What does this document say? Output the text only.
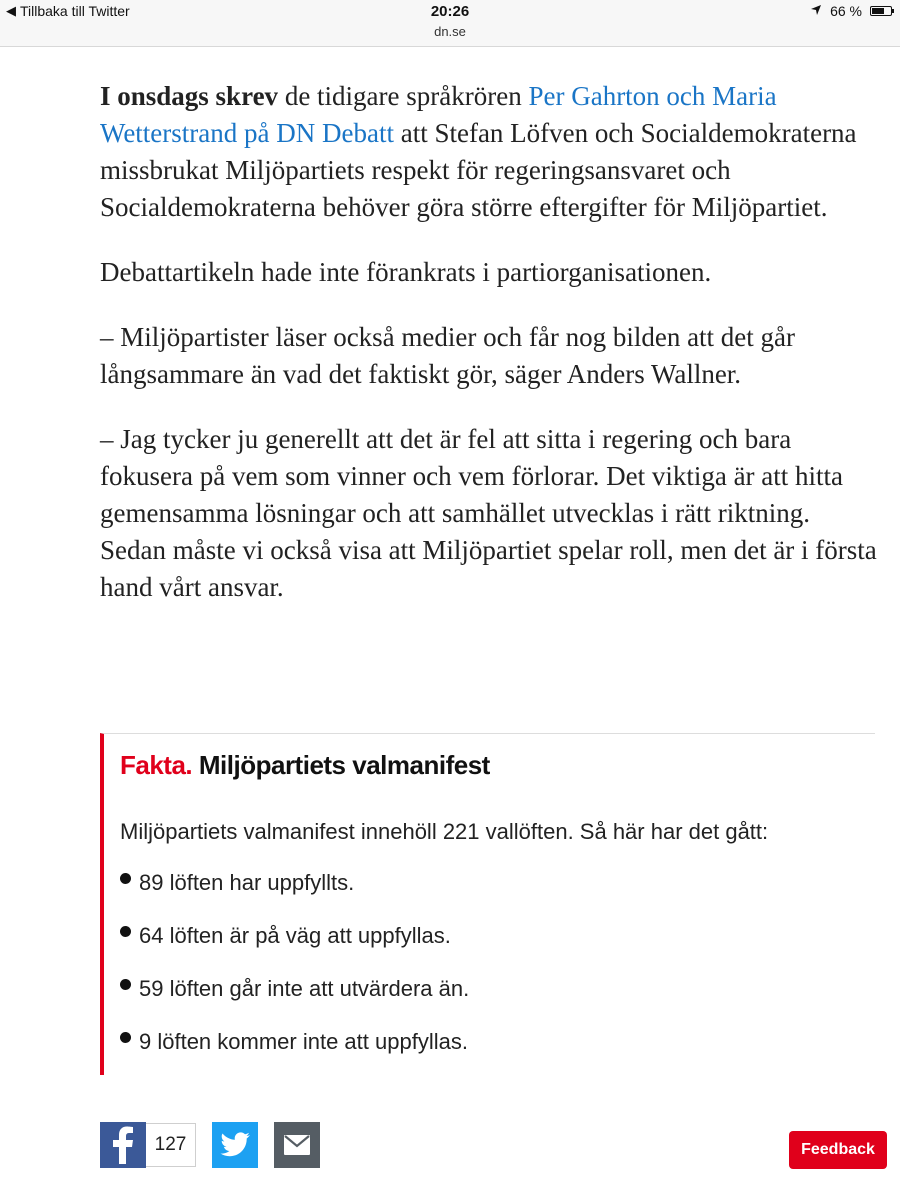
◀ Tillbaka till Twitter	20:26
dn.se
66 %

I onsdags skrev de tidigare språkrören Per Gahrton och Maria Wetterstrand på DN Debatt att Stefan Löfven och Socialdemokraterna missbrukat Miljöpartiets respekt för regeringsansvaret och Socialdemokraterna behöver göra större eftergifter för Miljöpartiet.

Debattartikeln hade inte förankrats i partiorganisationen.

– Miljöpartister läser också medier och får nog bilden att det går långsammare än vad det faktiskt gör, säger Anders Wallner.

– Jag tycker ju generellt att det är fel att sitta i regering och bara fokusera på vem som vinner och vem förlorar. Det viktiga är att hitta gemensamma lösningar och att samhället utvecklas i rätt riktning. Sedan måste vi också visa att Miljöpartiet spelar roll, men det är i första hand vårt ansvar.

Fakta. Miljöpartiets valmanifest
Miljöpartiets valmanifest innehöll 221 vallöften. Så här har det gått:
89 löften har uppfyllts.
64 löften är på väg att uppfyllas.
59 löften går inte att utvärdera än.
9 löften kommer inte att uppfyllas.
127	Feedback
